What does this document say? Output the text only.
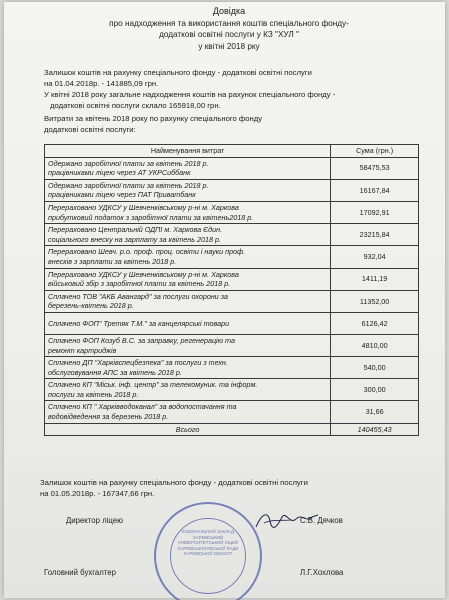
Довідка
про надходження та використання коштів спеціального фонду-
додаткові освітні послуги у КЗ "ХУЛ "
у квітні 2018 рку
Залишок коштів на рахунку спеціального фонду - додаткові освітні послуги
на 01.04.2018р. - 141885,09 грн.
У квітні 2018 року загальне надходження коштів на рахунок спеціального фонду -
додаткові освітні послуги склало 165918,00 грн.
Витрати за квітень 2018 року по рахунку спеціального фонду
додаткові освітні послуги:
Найменування витрат	Сума (грн.)

Одержано заробітної плати за квітень 2018 р.
працівниками ліцею через АТ УКРСиббанк	58475,53

Одержано заробітної плати за квітень 2018 р.
працівниками ліцею через ПАТ Приватбанк	16167,84

Перераховано УДКСУ у Шевченківському р-ні м. Харкова
прибутковий податок з заробітної плати за квітень2018 р.	17092,91

Перераховано Центральній ОДПІ м. Харкова Єдин.
соціального внеску на зарплату за квітень 2018 р.	23215,84

Перераховано Шевч. р.о. проф. проц. освіти і науки проф.
внесків з зарплати за квітень 2018 р.	932,04

Перераховано УДКСУ у Шевченківському р-ні м. Харкова
військовий збір з заробітної плати за квітень 2018 р.	1411,19

Сплачено ТОВ "АКБ Авангард" за послуги охорони за
березень-квітень 2018 р.	11352,00

Сплачено ФОП" Третяк Т.М." за канцелярські товари	6126,42

Сплачено ФОП Козуб В.С. за заправку, регенерацію та
ремонт картриджів	4810,00

Сплачено ДП "Харківспецбезпека" за послуги з техн.
обслуговування АПС за квітень 2018 р.	540,00

Сплачено КП "Міськ. інф. центр" за телекомуник. та інформ.
послуги за квітень 2018 р.	300,00

Сплачено КП " Харківводоканал" за водопостачання та
водовідведення за березень 2018 р.	31,66
Всього	140455,43
Залишок коштів на рахунку спеціального фонду - додаткові освітні послуги
на 01.05.2018р. - 167347,66 грн.
КОМУНАЛЬНИЙ ЗАКЛАД ХАРКІВСЬКИЙ УНІВЕРСИТЕТСЬКИЙ ЛІЦЕЙ ХАРКІВСЬКОЇ МІСЬКОЇ РАДИ ХАРКІВСЬКОЇ ОБЛАСТІ
Директор ліцею	С.В. Дячков
Головний бухгалтер	Л.Г.Хохлова
